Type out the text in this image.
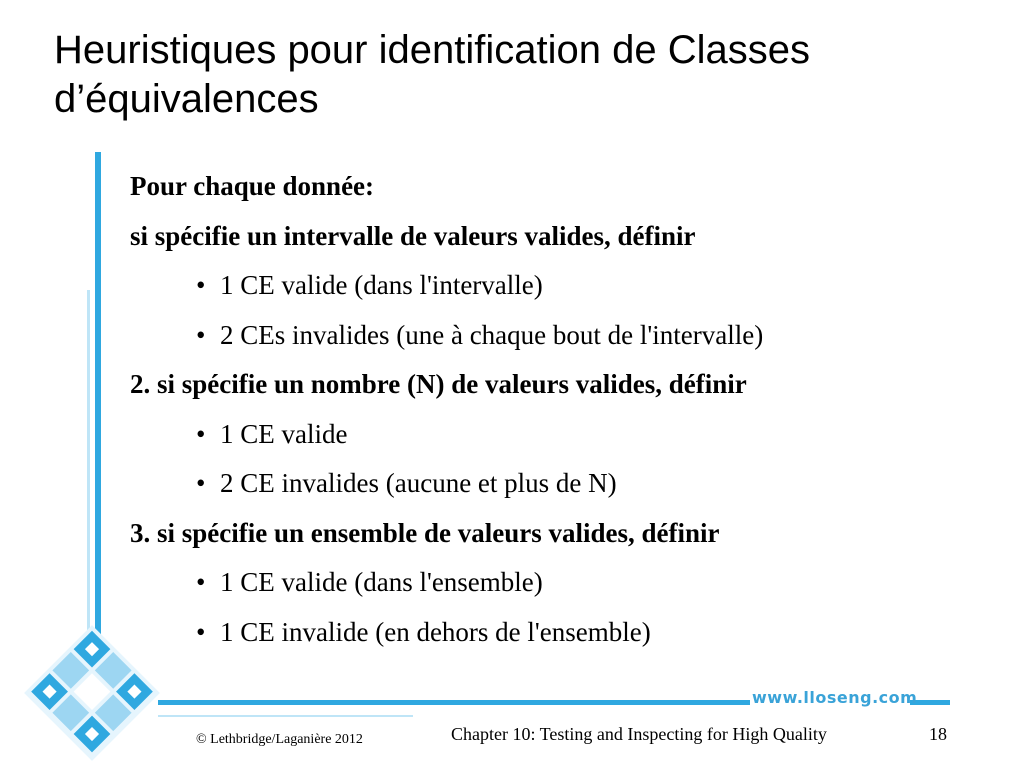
Heuristiques pour identification de Classes d’équivalences
Pour chaque donnée:
si spécifie un intervalle de valeurs valides, définir
• 1 CE valide (dans l'intervalle)
• 2 CEs invalides (une à chaque bout de l'intervalle)
2. si spécifie un nombre (N) de valeurs valides, définir
• 1 CE valide
• 2 CE invalides (aucune et plus de N)
3. si spécifie un ensemble de valeurs valides, définir
• 1 CE valide (dans l'ensemble)
• 1 CE invalide (en dehors de l'ensemble)
www.lloseng.com
© Lethbridge/Laganière 2012	Chapter 10: Testing and Inspecting for High Quality	18
